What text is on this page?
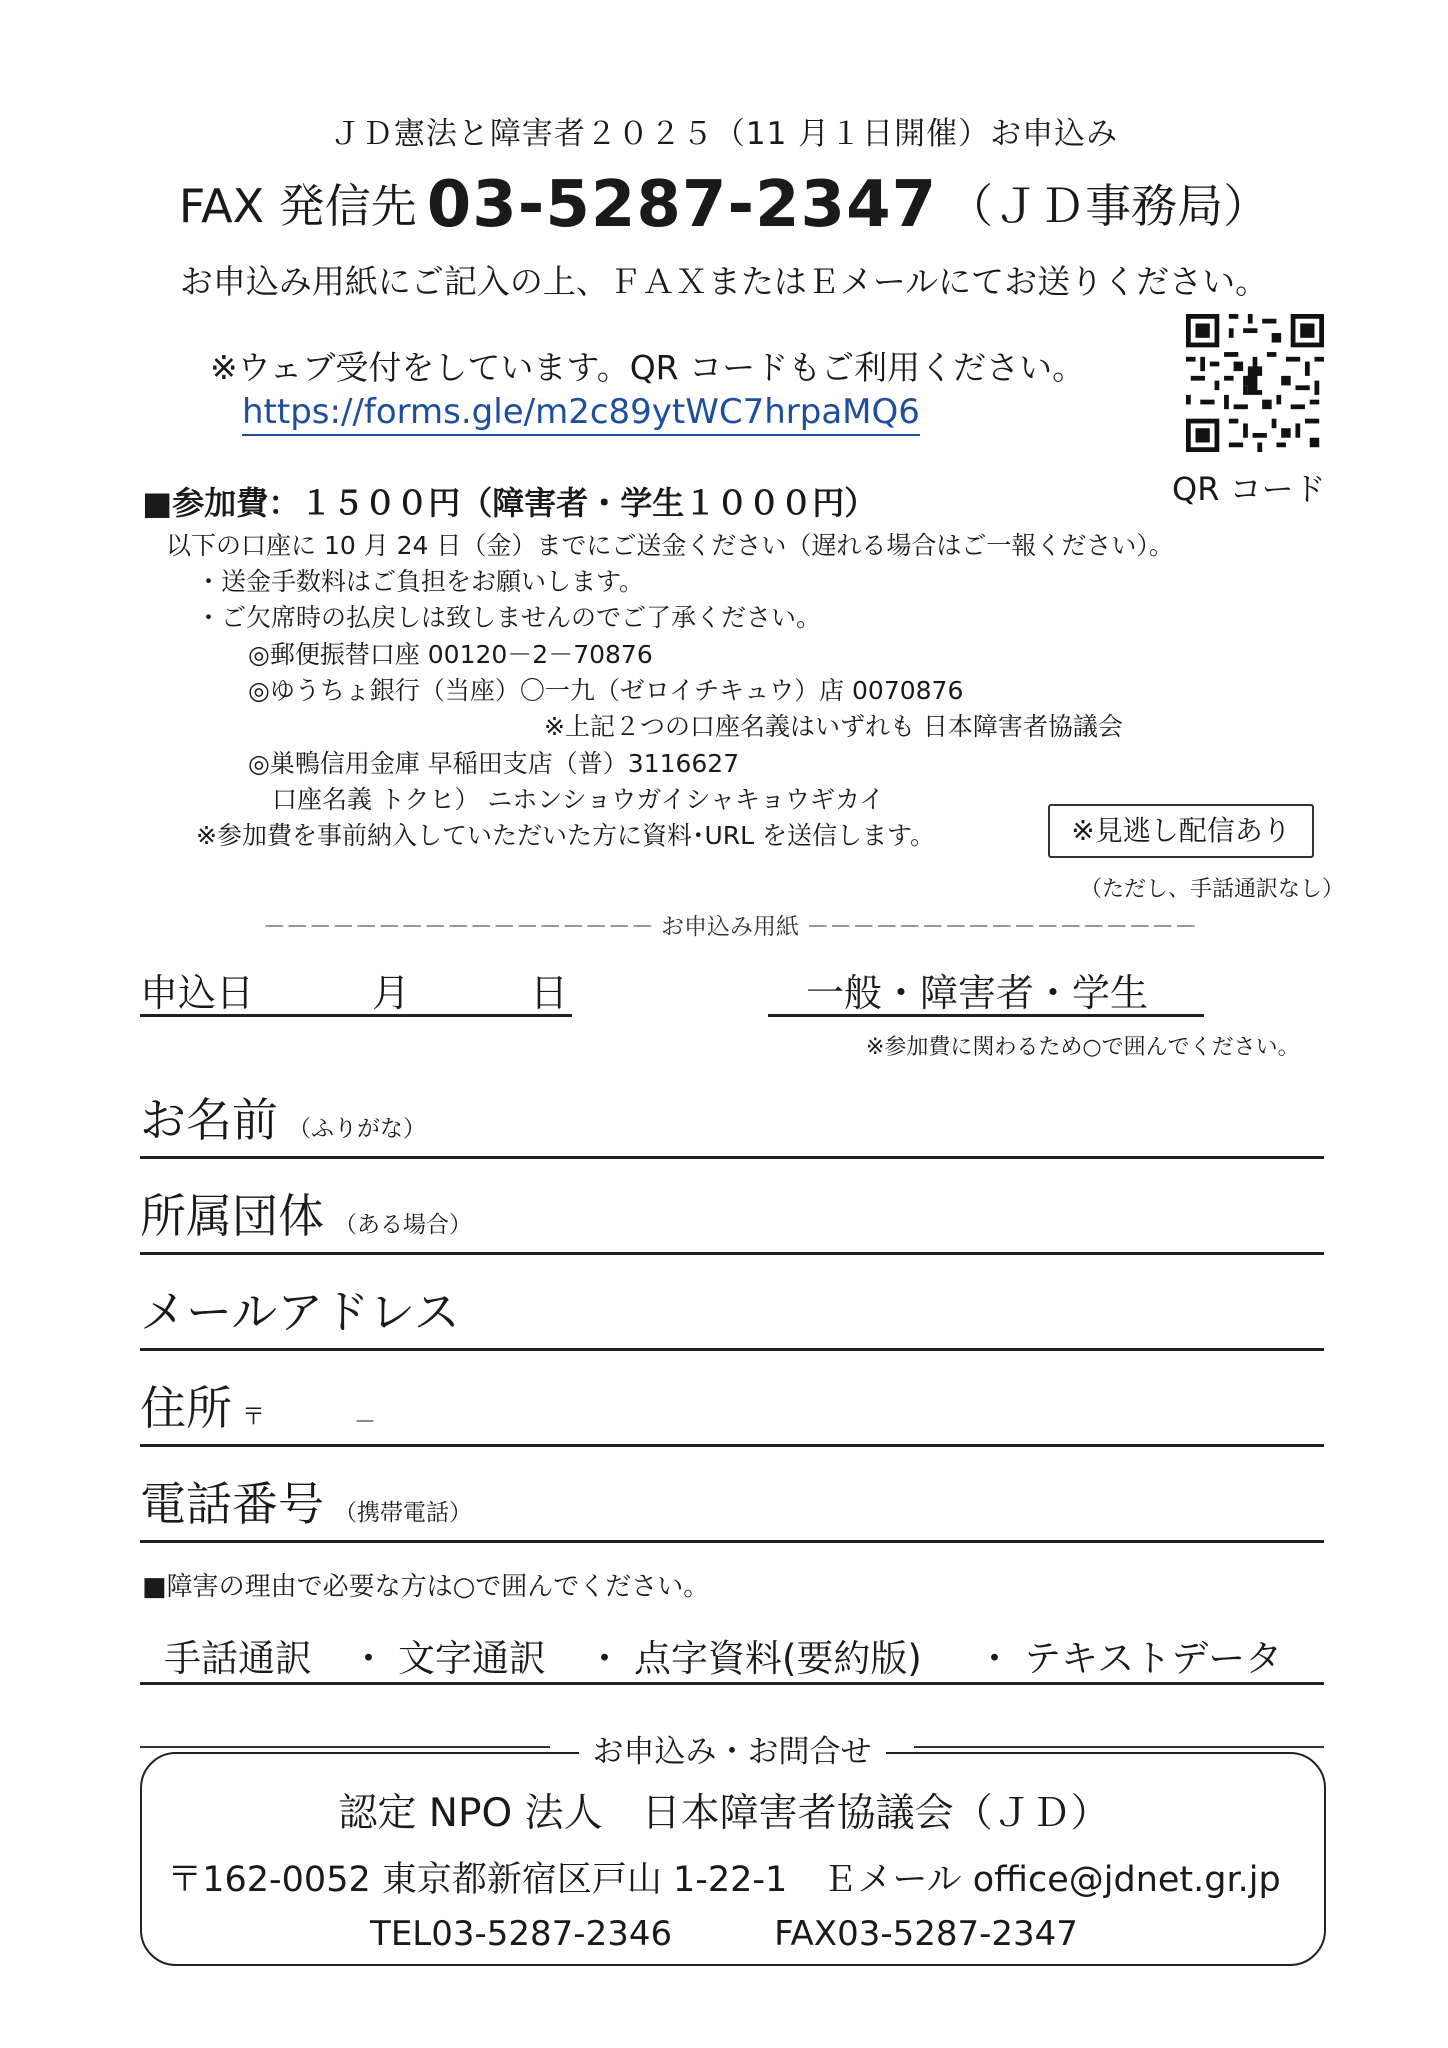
ＪＤ憲法と障害者２０２５（11 月１日開催）お申込み
FAX 発信先 03-5287-2347 （ＪＤ事務局）
お申込み用紙にご記入の上、ＦＡＸまたはＥメールにてお送りください。
※ウェブ受付をしています。QR コードもご利用ください。
https://forms.gle/m2c89ytWC7hrpaMQ6
QR コード
■参加費：１５００円（障害者・学生１０００円）
以下の口座に 10 月 24 日（金）までにご送金ください（遅れる場合はご一報ください）。
・送金手数料はご負担をお願いします。
・ご欠席時の払戻しは致しませんのでご了承ください。
◎郵便振替口座 00120－2－70876
◎ゆうちょ銀行（当座）〇一九（ゼロイチキュウ）店 0070876
※上記２つの口座名義はいずれも 日本障害者協議会
◎巣鴨信用金庫 早稲田支店（普）3116627
口座名義 トクヒ） ニホンショウガイシャキョウギカイ
※参加費を事前納入していただいた方に資料･URL を送信します。	※見逃し配信あり
（ただし、手話通訳なし）
－－－－－－－－－－－－－－－－－ お申込み用紙 －－－－－－－－－－－－－－－－－
申込日	月	日	一般・障害者・学生
※参加費に関わるため○で囲んでください。
お名前 （ふりがな）
所属団体 （ある場合）
メールアドレス
住所 〒	－
電話番号 （携帯電話）
■障害の理由で必要な方は○で囲んでください。
手話通訳 ・ 文字通訳 ・ 点字資料(要約版) ・ テキストデータ
お申込み・お問合せ
認定 NPO 法人　日本障害者協議会（ＪＤ）
〒162-0052 東京都新宿区戸山 1-22-1　Ｅメール office@jdnet.gr.jp
TEL03-5287-2346　　　FAX03-5287-2347
